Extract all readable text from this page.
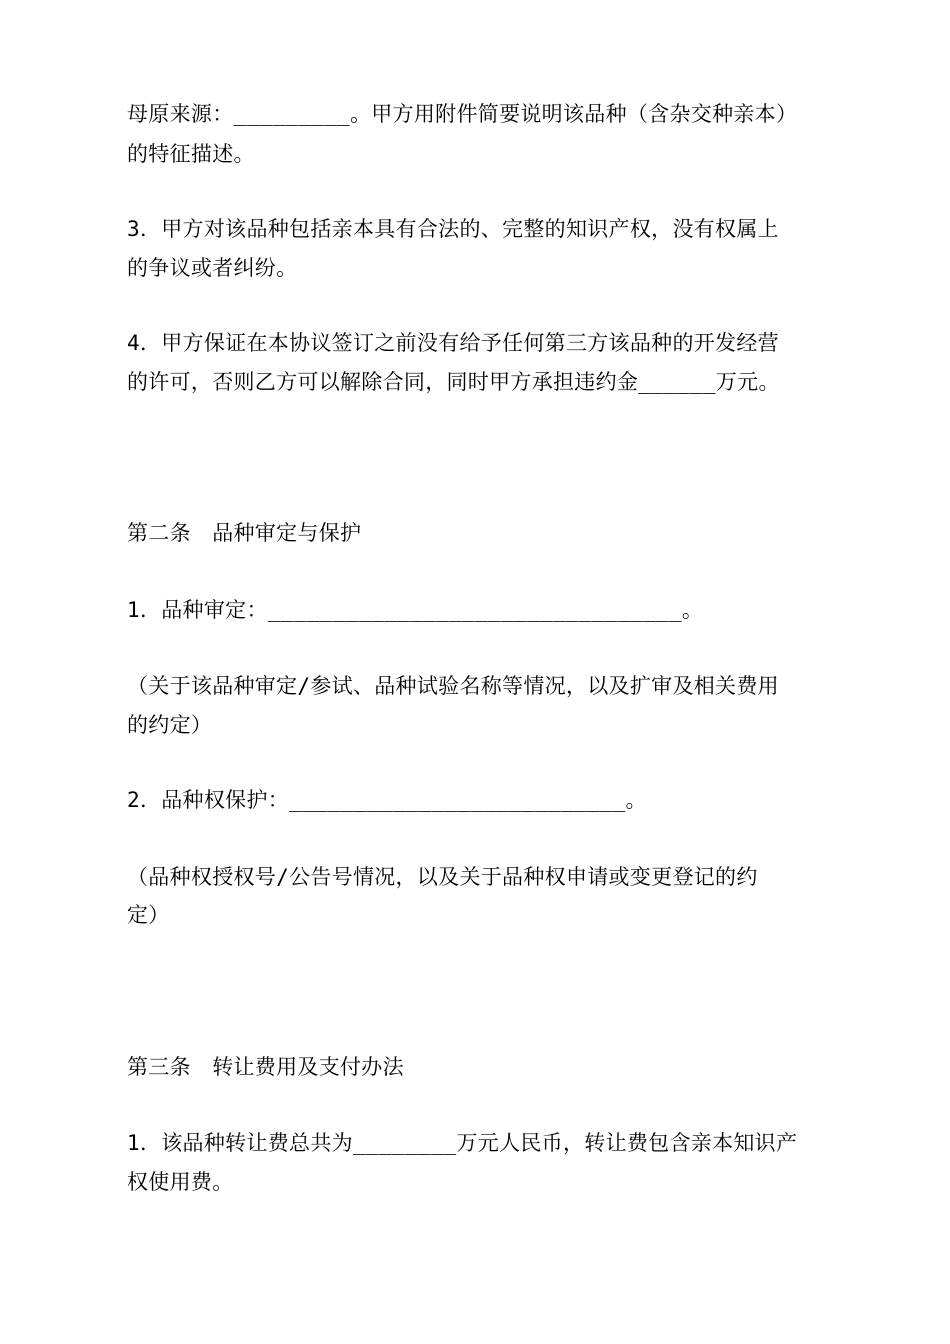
母原来源：_________。甲方用附件简要说明该品种（含杂交种亲本）
的特征描述。
3．甲方对该品种包括亲本具有合法的、完整的知识产权，没有权属上
的争议或者纠纷。
4．甲方保证在本协议签订之前没有给予任何第三方该品种的开发经营
的许可，否则乙方可以解除合同，同时甲方承担违约金______万元。
第二条　品种审定与保护
1．品种审定：________________________________。
（关于该品种审定/参试、品种试验名称等情况，以及扩审及相关费用
的约定）
2．品种权保护：__________________________。
（品种权授权号/公告号情况，以及关于品种权申请或变更登记的约
定）
第三条　转让费用及支付办法
1．该品种转让费总共为________万元人民币，转让费包含亲本知识产
权使用费。
